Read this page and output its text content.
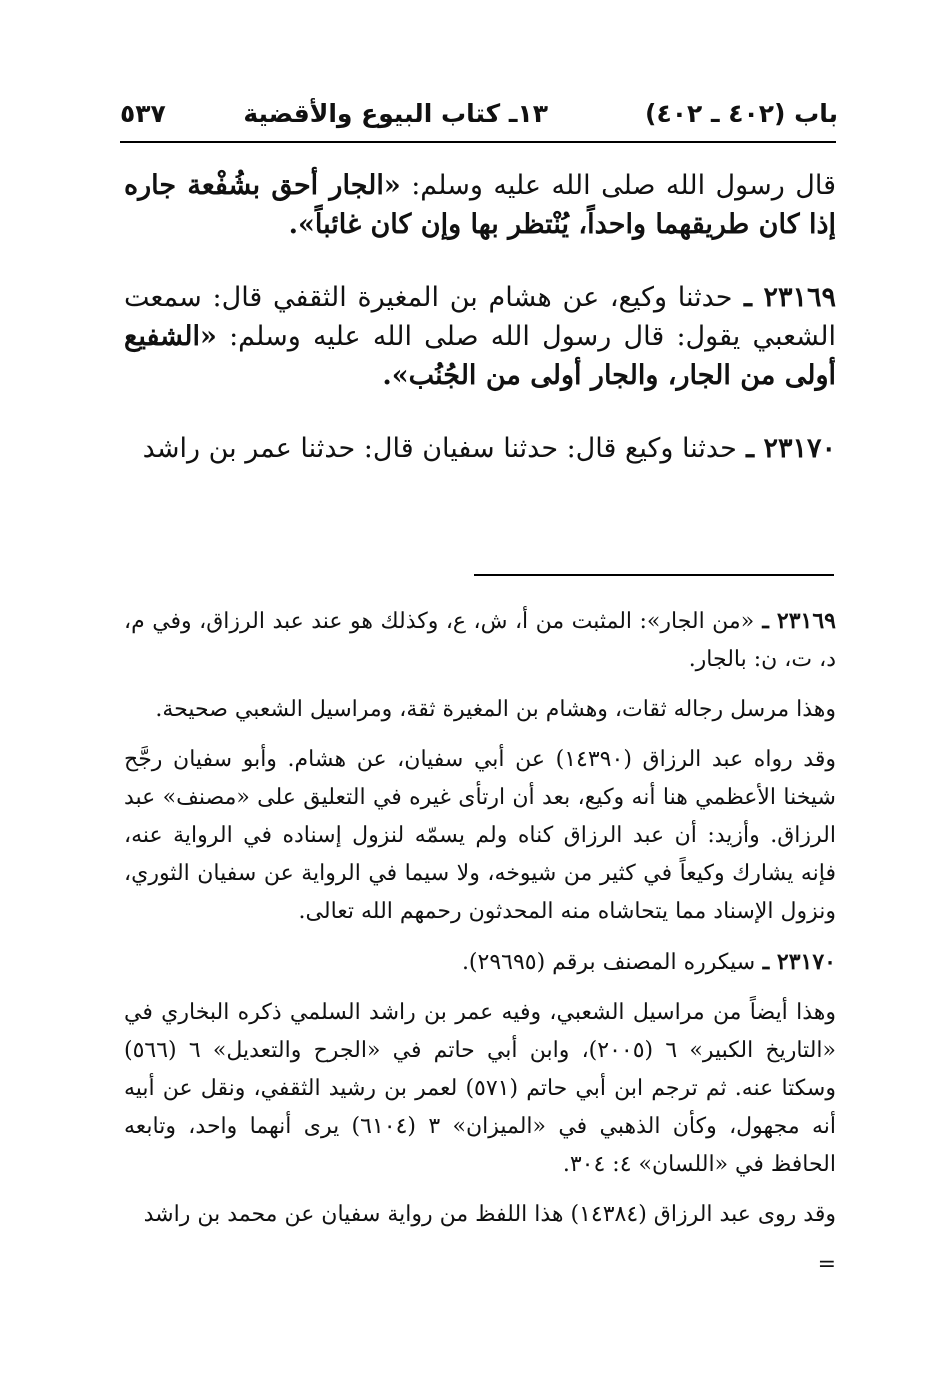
باب (٤٠٢ ـ ٤٠٢)
١٣ـ كتاب البيوع والأقضية
٥٣٧

قال رسول الله صلى الله عليه وسلم: «الجار أحق بشُفْعة جاره إذا كان طريقهما واحداً، يُنْتظر بها وإن كان غائباً».

٢٣١٦٩ ـ حدثنا وكيع، عن هشام بن المغيرة الثقفي قال: سمعت الشعبي يقول: قال رسول الله صلى الله عليه وسلم: «الشفيع أولى من الجار، والجار أولى من الجُنُب».

٢٣١٧٠ ـ حدثنا وكيع قال: حدثنا سفيان قال: حدثنا عمر بن راشد

٢٣١٦٩ ـ «من الجار»: المثبت من أ، ش، ع، وكذلك هو عند عبد الرزاق، وفي م، د، ت، ن: بالجار.

وهذا مرسل رجاله ثقات، وهشام بن المغيرة ثقة، ومراسيل الشعبي صحيحة.

وقد رواه عبد الرزاق (١٤٣٩٠) عن أبي سفيان، عن هشام. وأبو سفيان رجَّح شيخنا الأعظمي هنا أنه وكيع، بعد أن ارتأى غيره في التعليق على «مصنف» عبد الرزاق. وأزيد: أن عبد الرزاق كناه ولم يسمّه لنزول إسناده في الرواية عنه، فإنه يشارك وكيعاً في كثير من شيوخه، ولا سيما في الرواية عن سفيان الثوري، ونزول الإسناد مما يتحاشاه منه المحدثون رحمهم الله تعالى.

٢٣١٧٠ ـ سيكرره المصنف برقم (٢٩٦٩٥).

وهذا أيضاً من مراسيل الشعبي، وفيه عمر بن راشد السلمي ذكره البخاري في «التاريخ الكبير» ٦ (٢٠٠٥)، وابن أبي حاتم في «الجرح والتعديل» ٦ (٥٦٦) وسكتا عنه. ثم ترجم ابن أبي حاتم (٥٧١) لعمر بن رشيد الثقفي، ونقل عن أبيه أنه مجهول، وكأن الذهبي في «الميزان» ٣ (٦١٠٤) يرى أنهما واحد، وتابعه الحافظ في «اللسان» ٤: ٣٠٤.

وقد روى عبد الرزاق (١٤٣٨٤) هذا اللفظ من رواية سفيان عن محمد بن راشد

=
